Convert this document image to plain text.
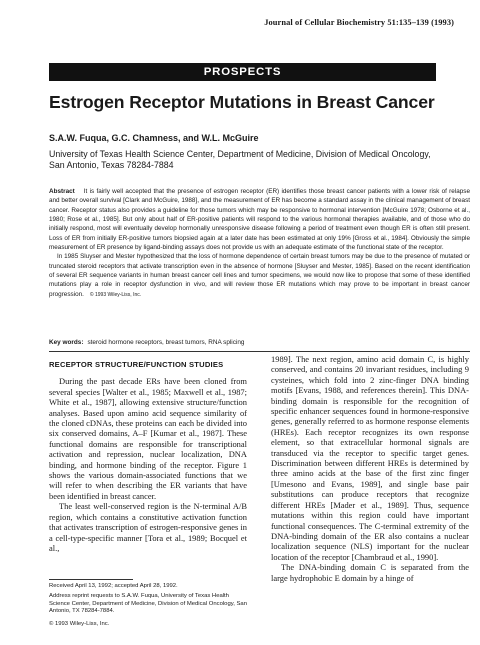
Journal of Cellular Biochemistry 51:135–139 (1993)
PROSPECTS
Estrogen Receptor Mutations in Breast Cancer
S.A.W. Fuqua, G.C. Chamness, and W.L. McGuire
University of Texas Health Science Center, Department of Medicine, Division of Medical Oncology,
San Antonio, Texas 78284-7884

Abstract It is fairly well accepted that the presence of estrogen receptor (ER) identifies those breast cancer patients with a lower risk of relapse and better overall survival [Clark and McGuire, 1988], and the measurement of ER has become a standard assay in the clinical management of breast cancer. Receptor status also provides a guideline for those tumors which may be responsive to hormonal intervention [McGuire 1978; Osborne et al., 1980; Rose et al., 1985]. But only about half of ER-positive patients will respond to the various hormonal therapies available, and of those who do initially respond, most will eventually develop hormonally unresponsive disease following a period of treatment even though ER is often still present. Loss of ER from initially ER-positive tumors biopsied again at a later date has been estimated at only 19% [Gross et al., 1984]. Obviously the simple measurement of ER presence by ligand-binding assays does not provide us with an adequate estimate of the functional state of the receptor.

In 1985 Sluyser and Mester hypothesized that the loss of hormone dependence of certain breast tumors may be due to the presence of mutated or truncated steroid receptors that activate transcription even in the absence of hormone [Sluyser and Mester, 1985]. Based on the recent identification of several ER sequence variants in human breast cancer cell lines and tumor specimens, we would now like to propose that some of these identified mutations play a role in receptor dysfunction in vivo, and will review those ER mutations which may prove to be important in breast cancer progression. © 1993 Wiley-Liss, Inc.

Key words: steroid hormone receptors, breast tumors, RNA splicing

RECEPTOR STRUCTURE/FUNCTION STUDIES

During the past decade ERs have been cloned from several species [Walter et al., 1985; Maxwell et al., 1987; White et al., 1987], allowing extensive structure/function analyses. Based upon amino acid sequence similarity of the cloned cDNAs, these proteins can each be divided into six conserved domains, A–F [Kumar et al., 1987]. These functional domains are responsible for transcriptional activation and repression, nuclear localization, DNA binding, and hormone binding of the receptor. Figure 1 shows the various domain-associated functions that we will refer to when describing the ER variants that have been identified in breast cancer.

The least well-conserved region is the N-terminal A/B region, which contains a constitutive activation function that activates transcription of estrogen-responsive genes in a cell-type-specific manner [Tora et al., 1989; Bocquel et al.,

1989]. The next region, amino acid domain C, is highly conserved, and contains 20 invariant residues, including 9 cysteines, which fold into 2 zinc-finger DNA binding motifs [Evans, 1988, and references therein]. This DNA-binding domain is responsible for the recognition of specific enhancer sequences found in hormone-responsive genes, generally referred to as hormone response elements (HREs). Each receptor recognizes its own response element, so that extracellular hormonal signals are transduced via the receptor to specific target genes. Discrimination between different HREs is determined by three amino acids at the base of the first zinc finger [Umesono and Evans, 1989], and single base pair substitutions can produce receptors that recognize different HREs [Mader et al., 1989]. Thus, sequence mutations within this region could have important functional consequences. The C-terminal extremity of the DNA-binding domain of the ER also contains a nuclear localization sequence (NLS) important for the nuclear location of the receptor [Chambraud et al., 1990].

The DNA-binding domain C is separated from the large hydrophobic E domain by a hinge of

Received April 13, 1992; accepted April 28, 1992.

Address reprint requests to S.A.W. Fuqua, University of Texas Health Science Center, Department of Medicine, Division of Medical Oncology, San Antonio, TX 78284-7884.

© 1993 Wiley-Liss, Inc.
